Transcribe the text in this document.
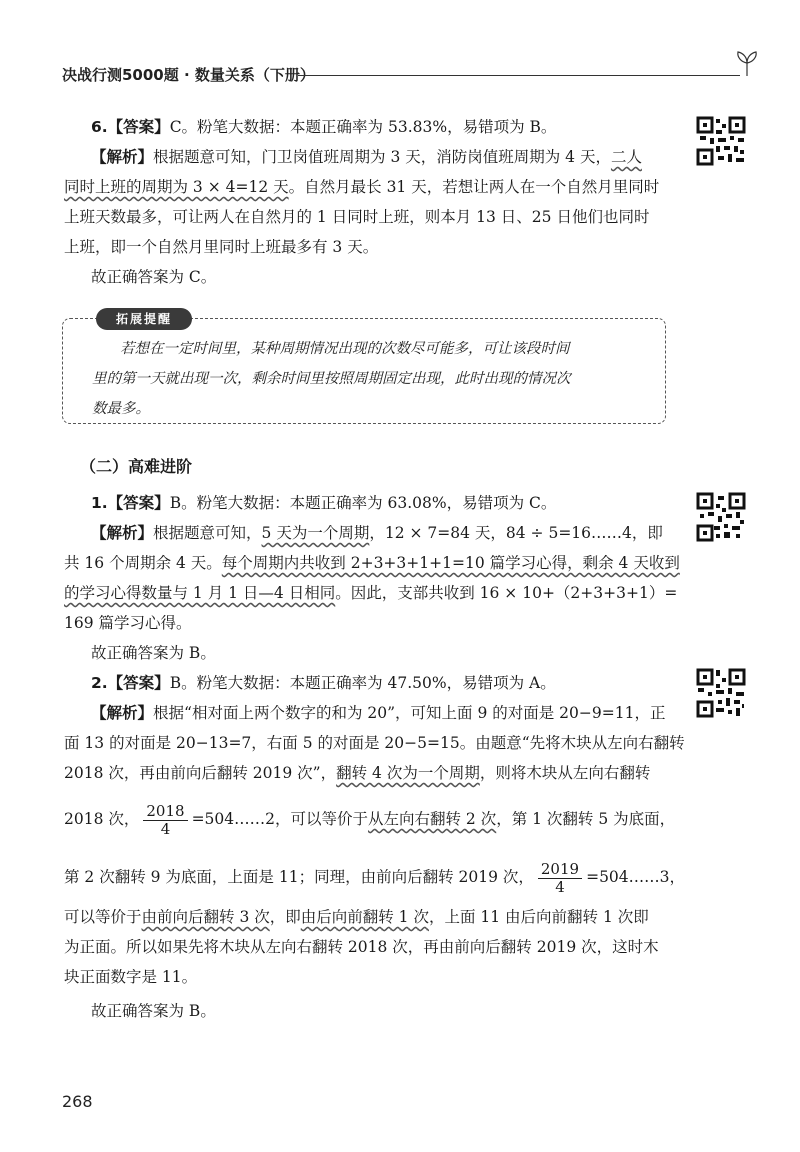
决战行测5000题 · 数量关系（下册）

6.【答案】C。粉笔大数据：本题正确率为 53.83%，易错项为 B。

【解析】根据题意可知，门卫岗值班周期为 3 天，消防岗值班周期为 4 天，二人

同时上班的周期为 3 × 4=12 天。自然月最长 31 天，若想让两人在一个自然月里同时

上班天数最多，可让两人在自然月的 1 日同时上班，则本月 13 日、25 日他们也同时

上班，即一个自然月里同时上班最多有 3 天。

故正确答案为 C。

拓展提醒

若想在一定时间里，某种周期情况出现的次数尽可能多，可让该段时间

里的第一天就出现一次，剩余时间里按照周期固定出现，此时出现的情况次

数最多。

（二）高难进阶

1.【答案】B。粉笔大数据：本题正确率为 63.08%，易错项为 C。

【解析】根据题意可知，5 天为一个周期，12 × 7=84 天，84 ÷ 5=16……4，即

共 16 个周期余 4 天。每个周期内共收到 2+3+3+1+1=10 篇学习心得，剩余 4 天收到

的学习心得数量与 1 月 1 日—4 日相同。因此，支部共收到 16 × 10+（2+3+3+1）=

169 篇学习心得。

故正确答案为 B。

2.【答案】B。粉笔大数据：本题正确率为 47.50%，易错项为 A。

【解析】根据“相对面上两个数字的和为 20”，可知上面 9 的对面是 20−9=11，正

面 13 的对面是 20−13=7，右面 5 的对面是 20−5=15。由题意“先将木块从左向右翻转

2018 次，再由前向后翻转 2019 次”，翻转 4 次为一个周期，则将木块从左向右翻转

2018 次， $\frac{2018}{4}$ =504……2，可以等价于从左向右翻转 2 次，第 1 次翻转 5 为底面，

第 2 次翻转 9 为底面，上面是 11；同理，由前向后翻转 2019 次， $\frac{2019}{4}$ =504……3，

可以等价于由前向后翻转 3 次，即由后向前翻转 1 次，上面 11 由后向前翻转 1 次即

为正面。所以如果先将木块从左向右翻转 2018 次，再由前向后翻转 2019 次，这时木

块正面数字是 11。

故正确答案为 B。

268
